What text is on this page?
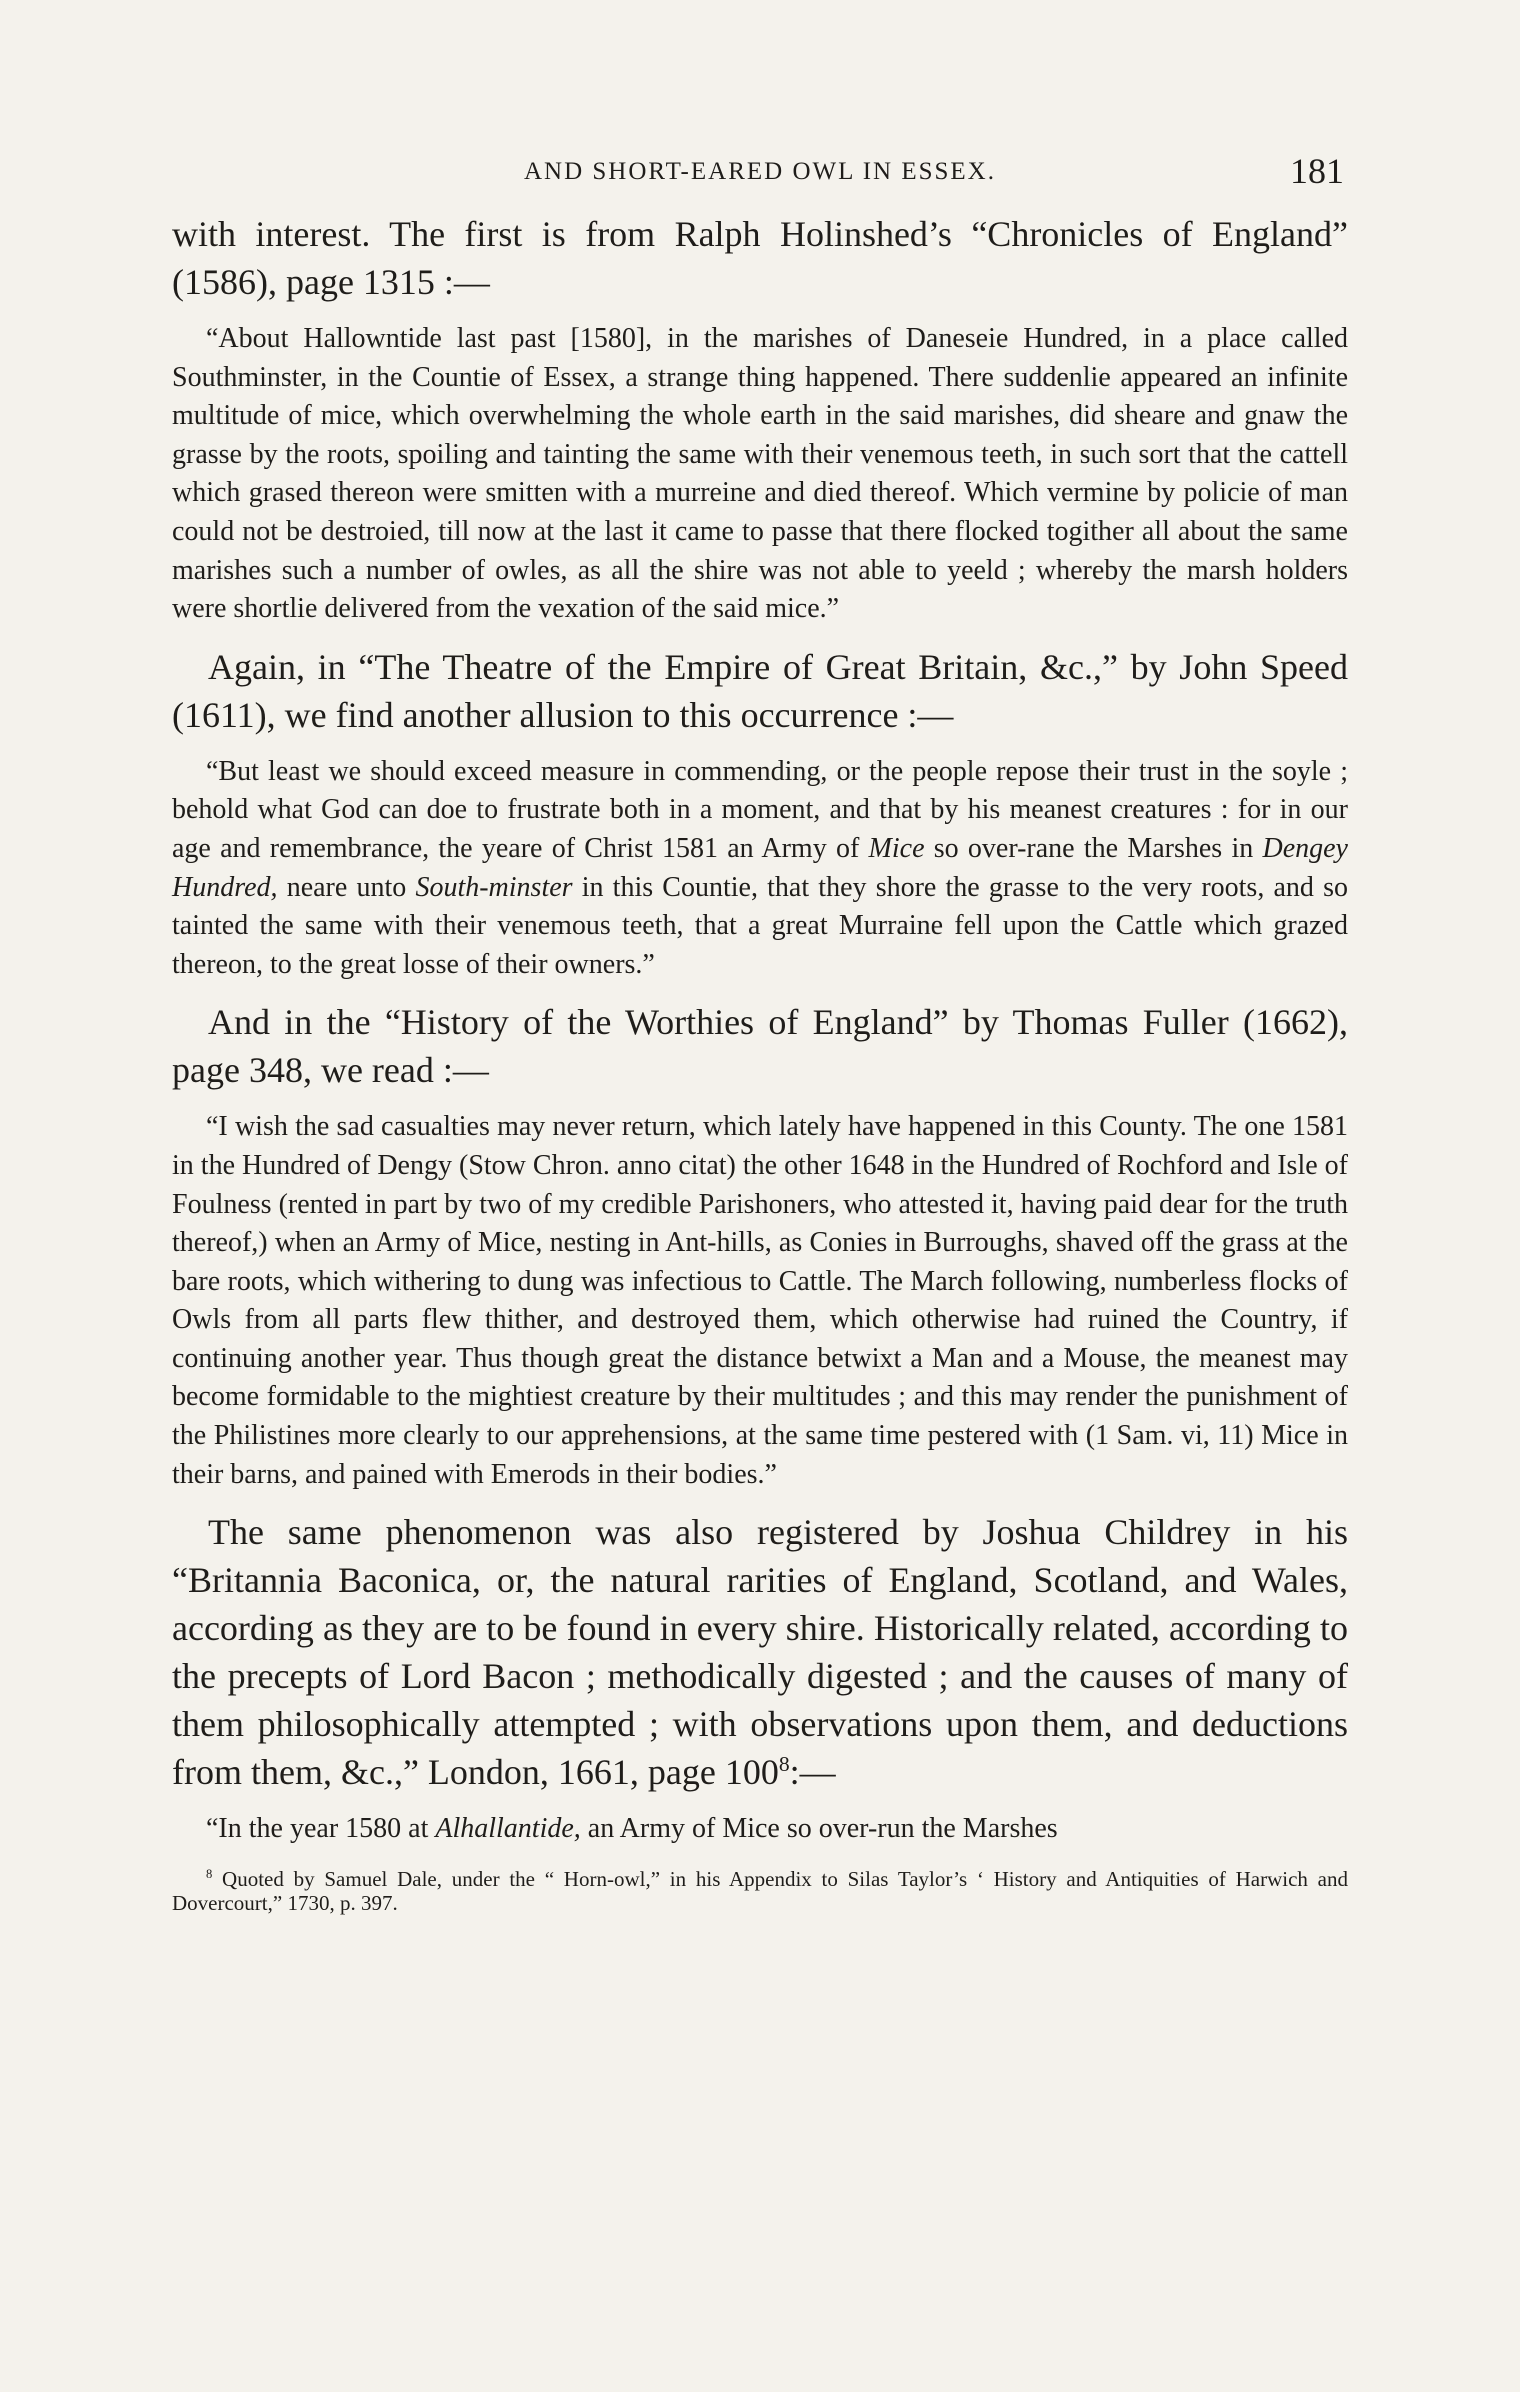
AND SHORT-EARED OWL IN ESSEX.	181

with interest. The first is from Ralph Holinshed’s “Chronicles of England” (1586), page 1315 :—

“About Hallowntide last past [1580], in the marishes of Daneseie Hundred, in a place called Southminster, in the Countie of Essex, a strange thing happened. There suddenlie appeared an infinite multitude of mice, which overwhelming the whole earth in the said marishes, did sheare and gnaw the grasse by the roots, spoiling and tainting the same with their venemous teeth, in such sort that the cattell which grased thereon were smitten with a murreine and died thereof. Which vermine by policie of man could not be destroied, till now at the last it came to passe that there flocked togither all about the same marishes such a number of owles, as all the shire was not able to yeeld ; whereby the marsh holders were shortlie delivered from the vexation of the said mice.”

Again, in “The Theatre of the Empire of Great Britain, &c.,” by John Speed (1611), we find another allusion to this occurrence :—

“But least we should exceed measure in commending, or the people repose their trust in the soyle ; behold what God can doe to frustrate both in a moment, and that by his meanest creatures : for in our age and remembrance, the yeare of Christ 1581 an Army of Mice so over-rane the Marshes in Dengey Hundred, neare unto South-minster in this Countie, that they shore the grasse to the very roots, and so tainted the same with their venemous teeth, that a great Murraine fell upon the Cattle which grazed thereon, to the great losse of their owners.”

And in the “History of the Worthies of England” by Thomas Fuller (1662), page 348, we read :—

“I wish the sad casualties may never return, which lately have happened in this County. The one 1581 in the Hundred of Dengy (Stow Chron. anno citat) the other 1648 in the Hundred of Rochford and Isle of Foulness (rented in part by two of my credible Parishoners, who attested it, having paid dear for the truth thereof,) when an Army of Mice, nesting in Ant-hills, as Conies in Burroughs, shaved off the grass at the bare roots, which withering to dung was infectious to Cattle. The March following, numberless flocks of Owls from all parts flew thither, and destroyed them, which otherwise had ruined the Country, if continuing another year. Thus though great the distance betwixt a Man and a Mouse, the meanest may become formidable to the mightiest creature by their multitudes ; and this may render the punishment of the Philistines more clearly to our apprehensions, at the same time pestered with (1 Sam. vi, 11) Mice in their barns, and pained with Emerods in their bodies.”

The same phenomenon was also registered by Joshua Childrey in his “Britannia Baconica, or, the natural rarities of England, Scotland, and Wales, according as they are to be found in every shire. Historically related, according to the precepts of Lord Bacon ; methodically digested ; and the causes of many of them philosophically attempted ; with observations upon them, and deductions from them, &c.,” London, 1661, page $100^8:—$

“In the year 1580 at Alhallantide, an Army of Mice so over-run the Marshes

$^8$ Quoted by Samuel Dale, under the “ Horn-owl,” in his Appendix to Silas Taylor’s ‘ History and Antiquities of Harwich and Dovercourt,” 1730, p. 397.
